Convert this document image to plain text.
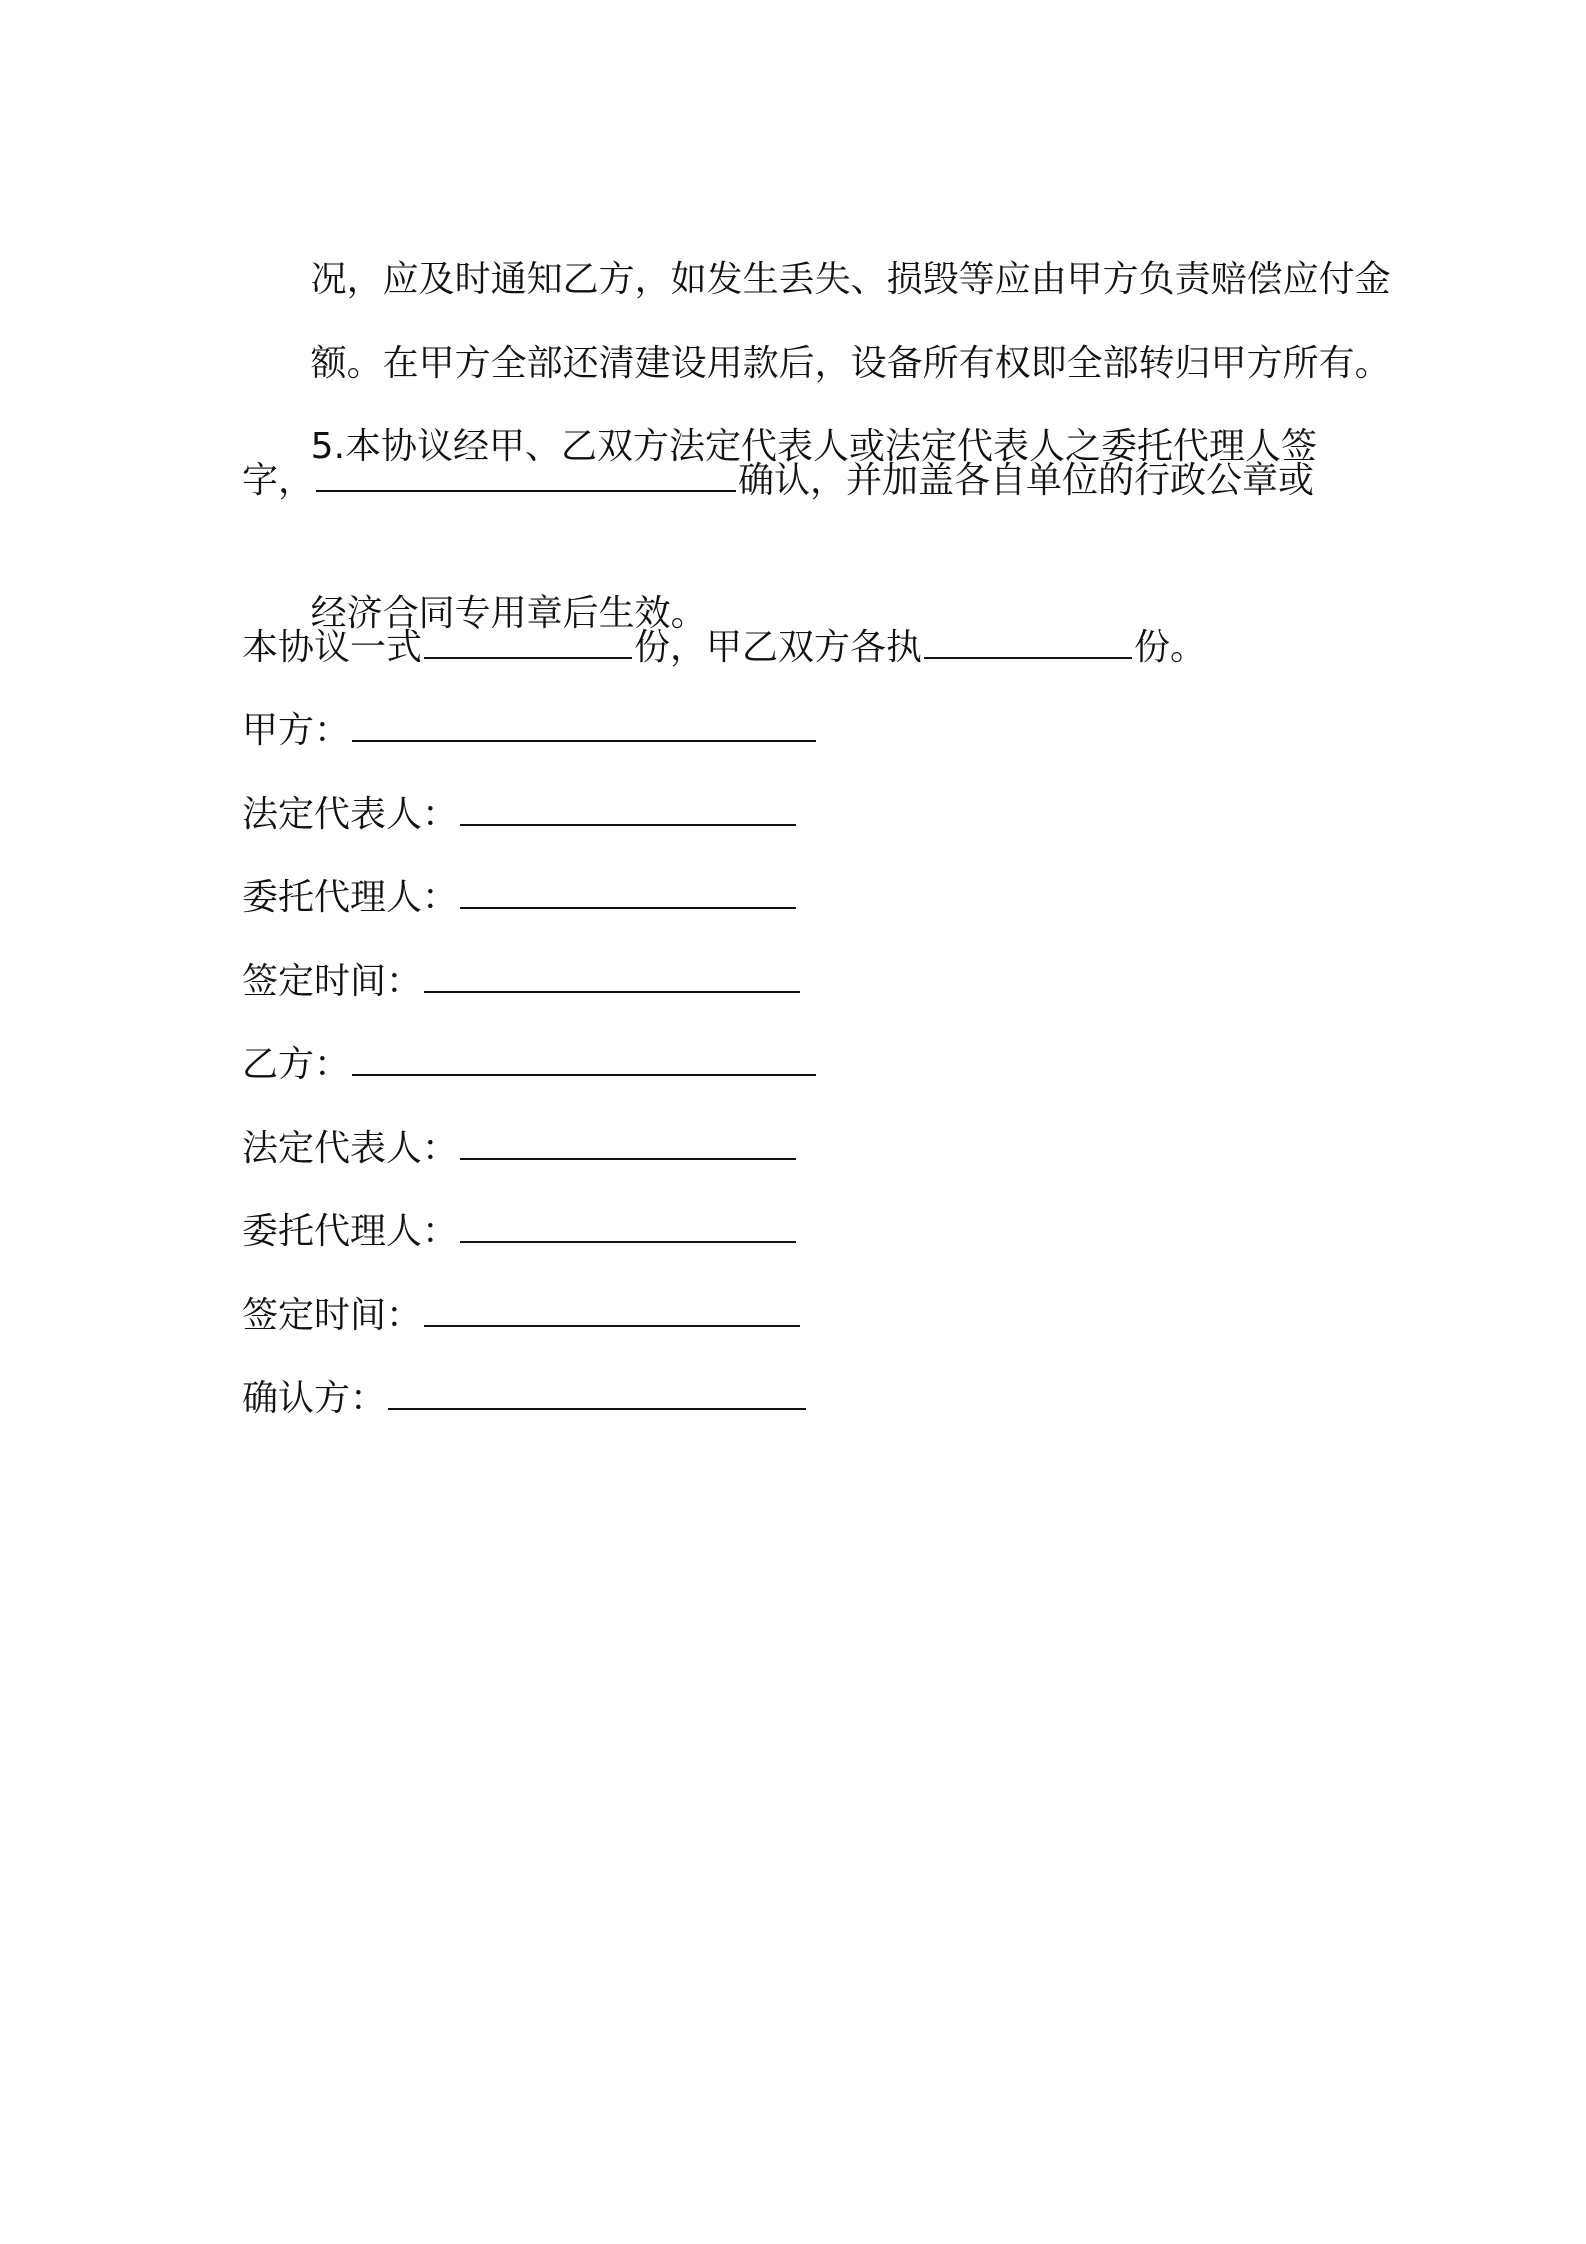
况，应及时通知乙方，如发生丢失、损毁等应由甲方负责赔偿应付金

额。在甲方全部还清建设用款后，设备所有权即全部转归甲方所有。

5.本协议经甲、乙双方法定代表人或法定代表人之委托代理人签

字，	确认，并加盖各自单位的行政公章或

经济合同专用章后生效。

本协议一式	份，甲乙双方各执	份。
甲方：
法定代表人：
委托代理人：
签定时间：
乙方：
法定代表人：
委托代理人：
签定时间：
确认方：
